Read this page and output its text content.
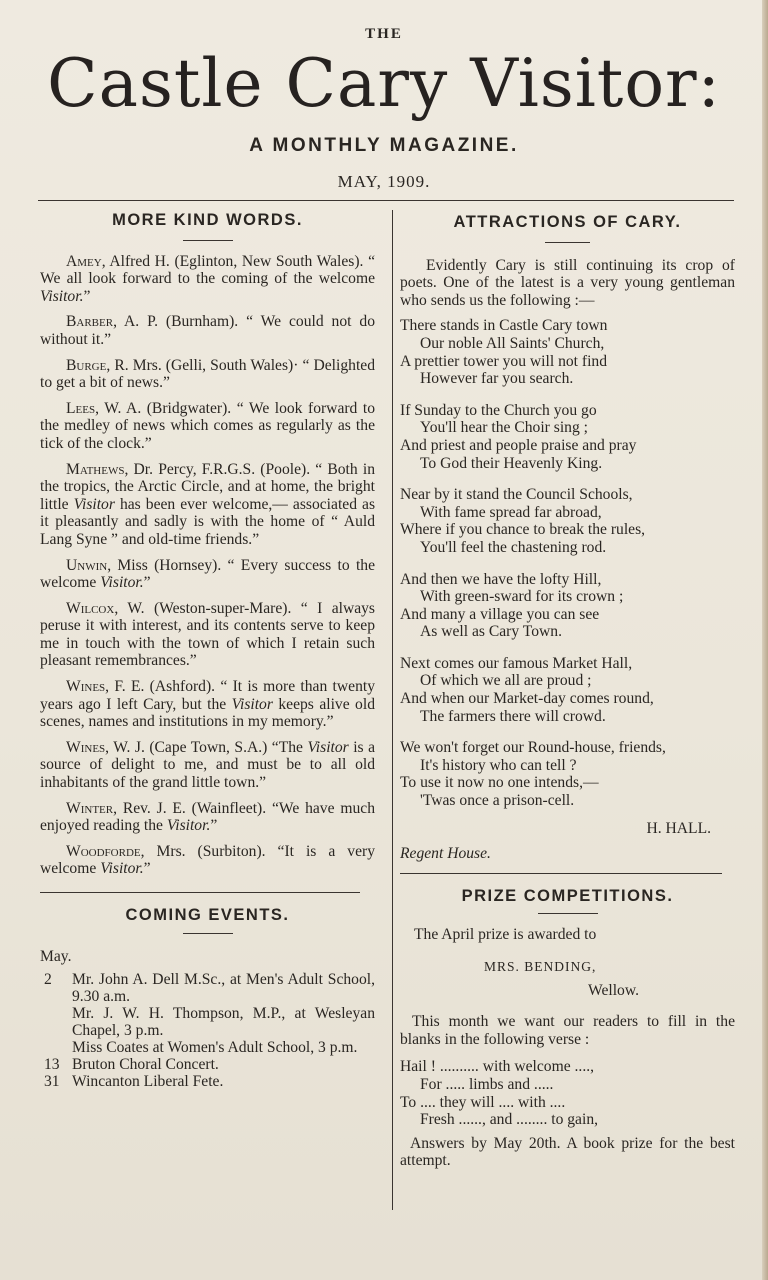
THE
Castle Cary Visitor:
A MONTHLY MAGAZINE.
MAY, 1909.
MORE KIND WORDS.

Amey, Alfred H. (Eglinton, New South Wales). “ We all look forward to the coming of the welcome Visitor.”

Barber, A. P. (Burnham). “ We could not do without it.”

Burge, R. Mrs. (Gelli, South Wales)· “ Delighted to get a bit of news.”

Lees, W. A. (Bridgwater). “ We look forward to the medley of news which comes as regularly as the tick of the clock.”

Mathews, Dr. Percy, F.R.G.S. (Poole). “ Both in the tropics, the Arctic Circle, and at home, the bright little Visitor has been ever welcome,— associated as it pleasantly and sadly is with the home of “ Auld Lang Syne ” and old-time friends.”

Unwin, Miss (Hornsey). “ Every success to the welcome Visitor.”

Wilcox, W. (Weston-super-Mare). “ I always peruse it with interest, and its contents serve to keep me in touch with the town of which I retain such pleasant remembrances.”

Wines, F. E. (Ashford). “ It is more than twenty years ago I left Cary, but the Visitor keeps alive old scenes, names and institutions in my memory.”

Wines, W. J. (Cape Town, S.A.) “The Visitor is a source of delight to me, and must be to all old inhabitants of the grand little town.”

Winter, Rev. J. E. (Wainfleet). “We have much enjoyed reading the Visitor.”

Woodforde, Mrs. (Surbiton). “It is a very welcome Visitor.”

COMING EVENTS.
May.
2	Mr. John A. Dell M.Sc., at Men's Adult School, 9.30 a.m.
Mr. J. W. H. Thompson, M.P., at Wesleyan Chapel, 3 p.m.
Miss Coates at Women's Adult School, 3 p.m.
13 Bruton Choral Concert.
31 Wincanton Liberal Fete.
ATTRACTIONS OF CARY.

Evidently Cary is still continuing its crop of poets. One of the latest is a very young gentleman who sends us the following :—

There stands in Castle Cary town

Our noble All Saints' Church,

A prettier tower you will not find

However far you search.

If Sunday to the Church you go

You'll hear the Choir sing ;

And priest and people praise and pray

To God their Heavenly King.

Near by it stand the Council Schools,

With fame spread far abroad,

Where if you chance to break the rules,

You'll feel the chastening rod.

And then we have the lofty Hill,

With green-sward for its crown ;

And many a village you can see

As well as Cary Town.

Next comes our famous Market Hall,

Of which we all are proud ;

And when our Market-day comes round,

The farmers there will crowd.

We won't forget our Round-house, friends,

It's history who can tell ?

To use it now no one intends,—

'Twas once a prison-cell.

H. HALL.
Regent House.
PRIZE COMPETITIONS.
The April prize is awarded to
MRS. BENDING,
Wellow.

This month we want our readers to fill in the blanks in the following verse :

Hail ! .......... with welcome ....,

For ..... limbs and .....

To .... they will .... with ....

Fresh ......, and ........ to gain,

Answers by May 20th. A book prize for the best attempt.
